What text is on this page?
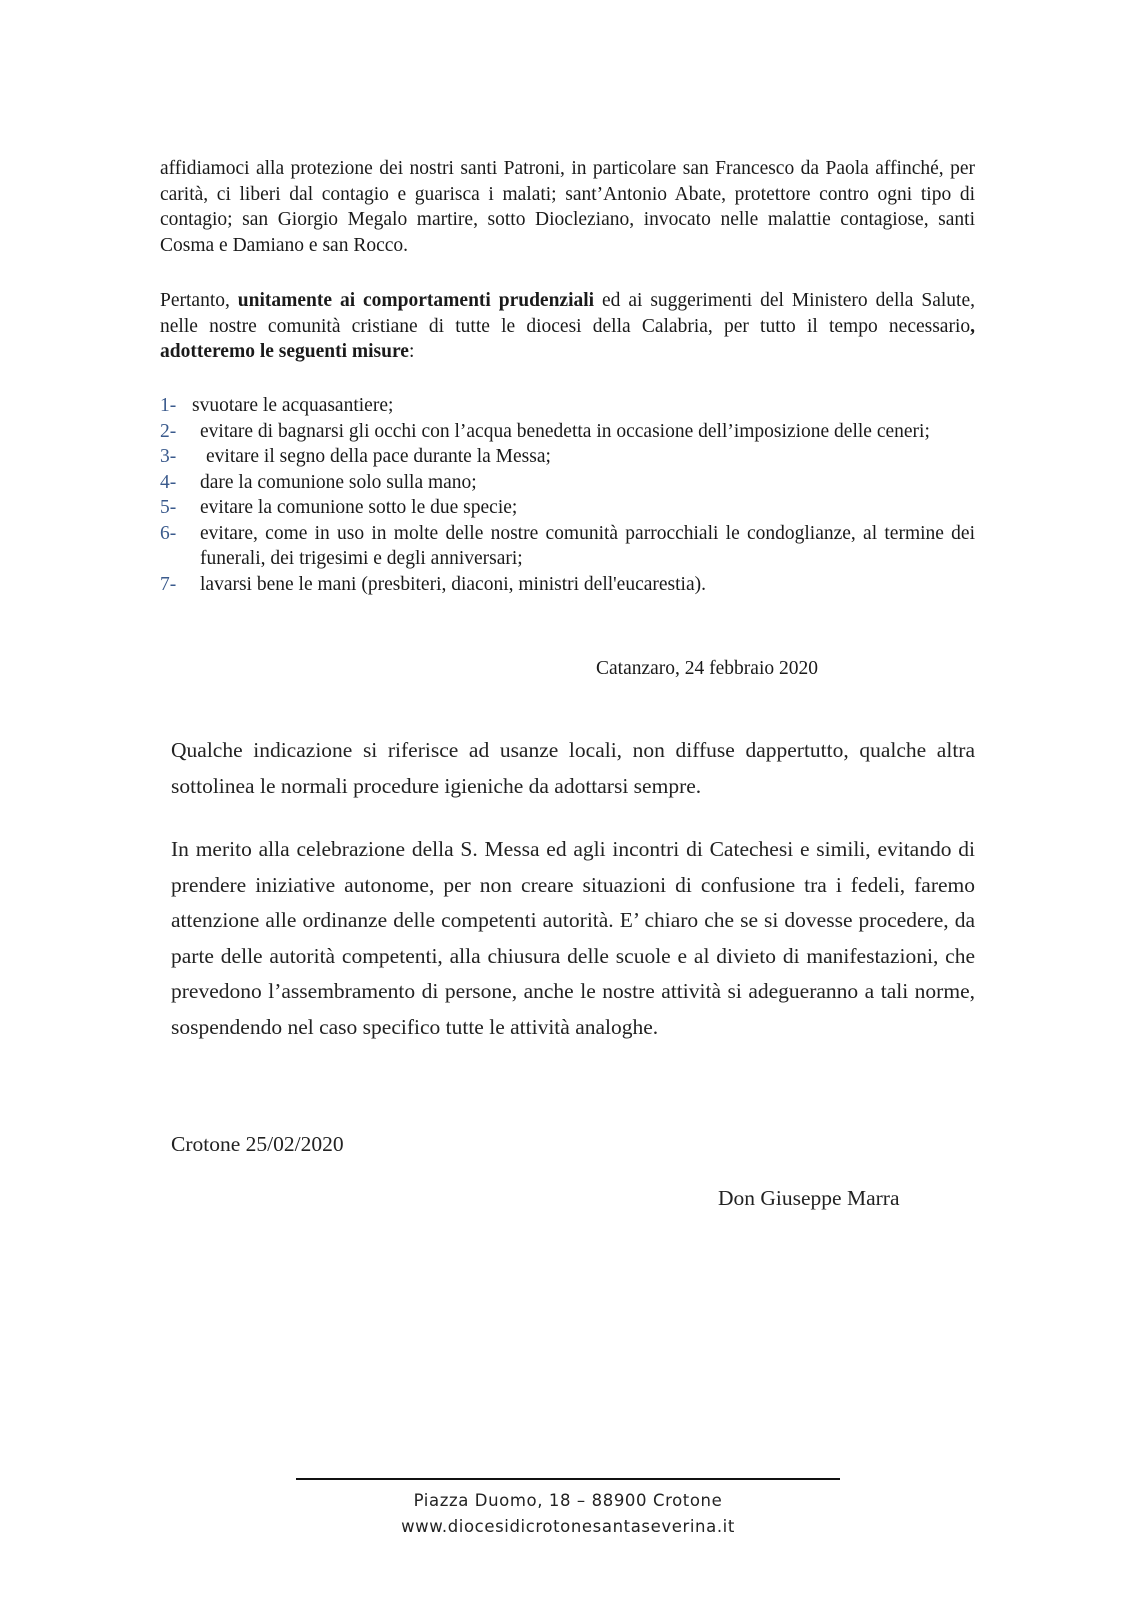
affidiamoci alla protezione dei nostri santi Patroni, in particolare san Francesco da Paola affinché, per carità, ci liberi dal contagio e guarisca i malati; sant’Antonio Abate, protettore contro ogni tipo di contagio; san Giorgio Megalo martire, sotto Diocleziano, invocato nelle malattie contagiose, santi Cosma e Damiano e san Rocco.

Pertanto, unitamente ai comportamenti prudenziali ed ai suggerimenti del Ministero della Salute, nelle nostre comunità cristiane di tutte le diocesi della Calabria, per tutto il tempo necessario, adotteremo le seguenti misure:

1- svuotare le acquasantiere;
2- evitare di bagnarsi gli occhi con l’acqua benedetta in occasione dell’imposizione delle ceneri;
3- evitare il segno della pace durante la Messa;
4- dare la comunione solo sulla mano;
5- evitare la comunione sotto le due specie;
6- evitare, come in uso in molte delle nostre comunità parrocchiali le condoglianze, al termine dei funerali, dei trigesimi e degli anniversari;
7- lavarsi bene le mani (presbiteri, diaconi, ministri dell'eucarestia).
Catanzaro, 24 febbraio 2020

Qualche indicazione si riferisce ad usanze locali, non diffuse dappertutto, qualche altra sottolinea le normali procedure igieniche da adottarsi sempre.

In merito alla celebrazione della S. Messa ed agli incontri di Catechesi e simili, evitando di prendere iniziative autonome, per non creare situazioni di confusione tra i fedeli, faremo attenzione alle ordinanze delle competenti autorità. E’ chiaro che se si dovesse procedere, da parte delle autorità competenti, alla chiusura delle scuole e al divieto di manifestazioni, che prevedono l’assembramento di persone, anche le nostre attività si adegueranno a tali norme, sospendendo nel caso specifico tutte le attività analoghe.

Crotone 25/02/2020
Don Giuseppe Marra
Piazza Duomo, 18 – 88900 Crotone
www.diocesidicrotonesantaseverina.it
